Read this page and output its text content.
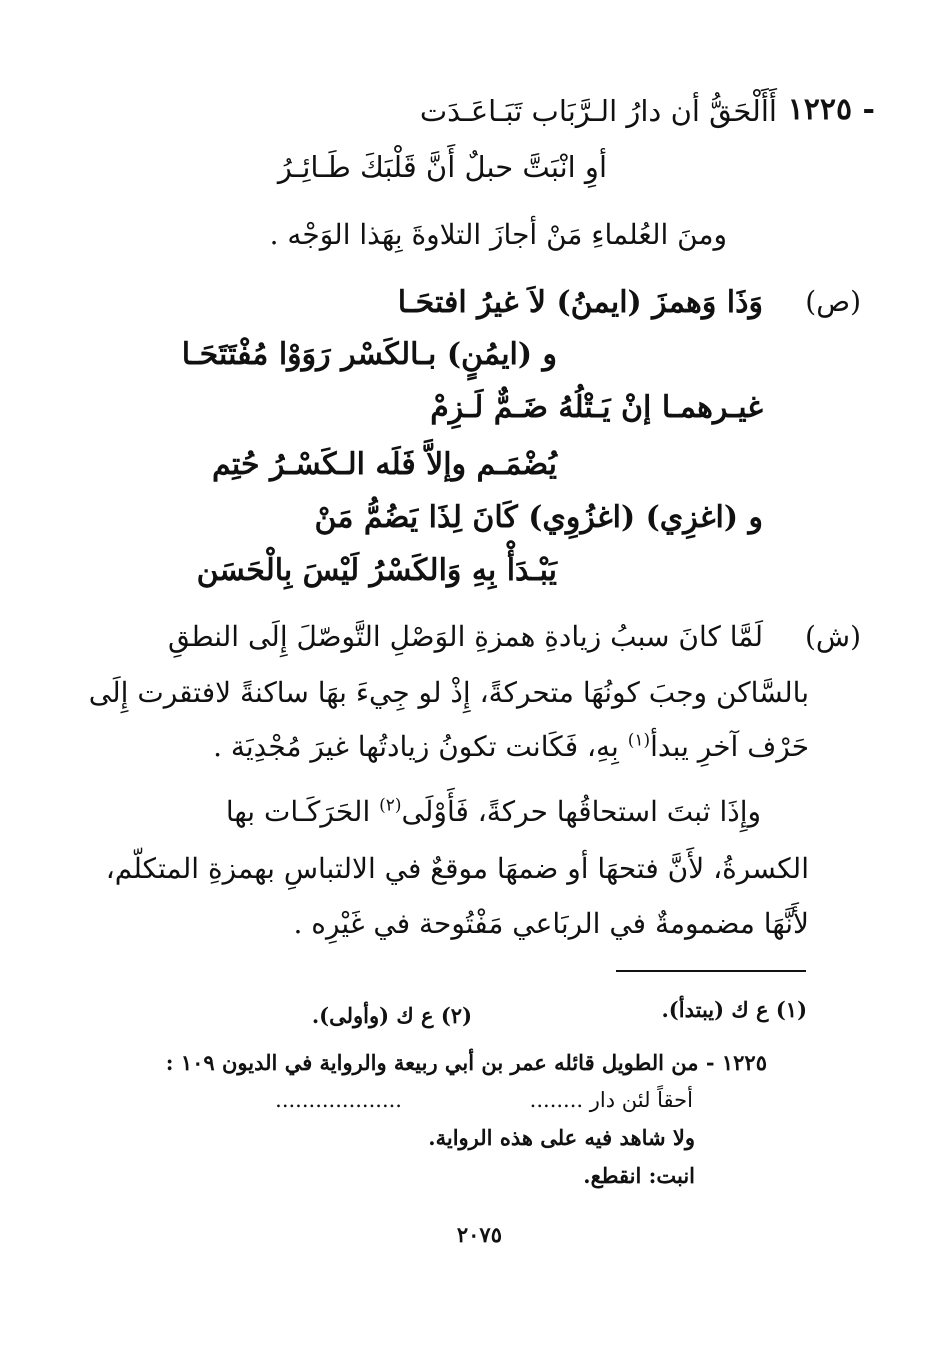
١٢٢٥ -
أَأَلْحَقُّ أن دارُ الـرَّبَاب تَبَـاعَـدَت
أوِ انْبَتَّ حبلٌ أَنَّ قَلْبَكَ طَـائِـرُ
ومنَ العُلماءِ مَنْ أجازَ التلاوةَ بِهَذا الوَجْه .
(ص)
وَذَا وَهمزَ (ايمنُ) لاَ غيرُ افتحَـا
و (ايمُنٍ) بـالكَسْر رَوَوْا مُفْتَتَحَـا
غيـرهمـا إنْ يَـتْلُهُ ضَـمٌّ لَـزِمْ
يُضْمَـم وإلاَّ فَلَه الـكَسْـرُ حُتِم
و (اغزِي) (اغزُوِي) كَانَ لِذَا يَضُمُّ مَنْ
يَبْـدَأْ بِهِ وَالكَسْرُ لَيْسَ بِالْحَسَن
(ش)
لَمَّا كانَ سببُ زيادةِ همزةِ الوَصْلِ التَّوصّلَ إِلَى النطقِ
بالسَّاكن وجبَ كونُهَا متحركةً، إِذْ لو جِيءَ بهَا ساكنةً لافتقرت إِلَى
حَرْف آخرِ يبدأ$^{(١)}$ بِهِ، فَكَانت تكونُ زيادتُها غيرَ مُجْدِيَة .
وإِذَا ثبتَ استحاقُها حركةً، فَأَوْلَى$^{(٢)}$ الحَرَكَـات بها
الكسرةُ، لأَنَّ فتحهَا أو ضمهَا موقعٌ في الالتباسِ بهمزةِ المتكلّم،
لأَنَّهَا مضمومةٌ في الربَاعي مَفْتُوحة في غَيْرِه .
(١) ع ك (يبتدأ).
(٢) ع ك (وأولى).
١٢٢٥ - من الطويل قائله عمر بن أبي ربيعة والرواية في الديون ١٠٩ :
أحقاً لئن دار ........
...................
ولا شاهد فيه على هذه الرواية.
انبت: انقطع.
٢٠٧٥
